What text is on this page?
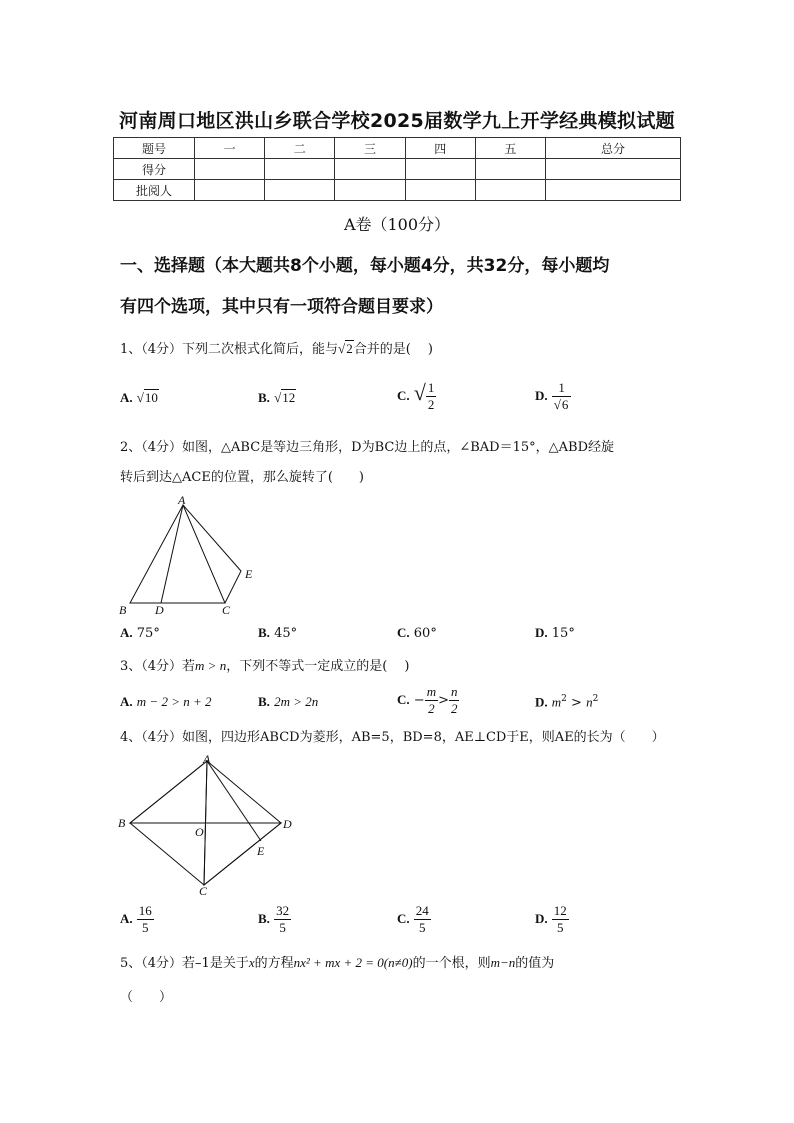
河南周口地区洪山乡联合学校2025届数学九上开学经典模拟试题
题号	一	二	三	四	五	总分
得分						
批阅人						
A卷（100分）
一、选择题（本大题共8个小题，每小题4分，共32分，每小题均
有四个选项，其中只有一项符合题目要求）
1、（4分）下列二次根式化简后，能与√2合并的是(　 )
A. √10	B. √12	C. √ $\frac{1}{2}$	D. $\frac{1}{√6}$
2、（4分）如图，△ABC是等边三角形，D为BC边上的点，∠BAD＝15°，△ABD经旋
转后到达△ACE的位置，那么旋转了(　　)
A
B D	C
E
A. 75°	B. 45°	C. 60°	D. 15°
3、（4分）若m > n，下列不等式一定成立的是(　 )
A. m − 2 > n + 2	B. 2m > 2n	C. − $\frac{m}{2} > \frac{n}{2}$	D. $m^2 > n^2$
4、（4分）如图，四边形ABCD为菱形，AB=5，BD=8，AE⊥CD于E，则AE的长为（　　）
A
B
O
D
E
C
A. $\frac{16}{5}$	B. $\frac{32}{5}$	C. $\frac{24}{5}$	D. $\frac{12}{5}$
5、（4分）若–1是关于x的方程nx² + mx + 2 = 0(n≠0)的一个根，则m−n的值为
（　　）
